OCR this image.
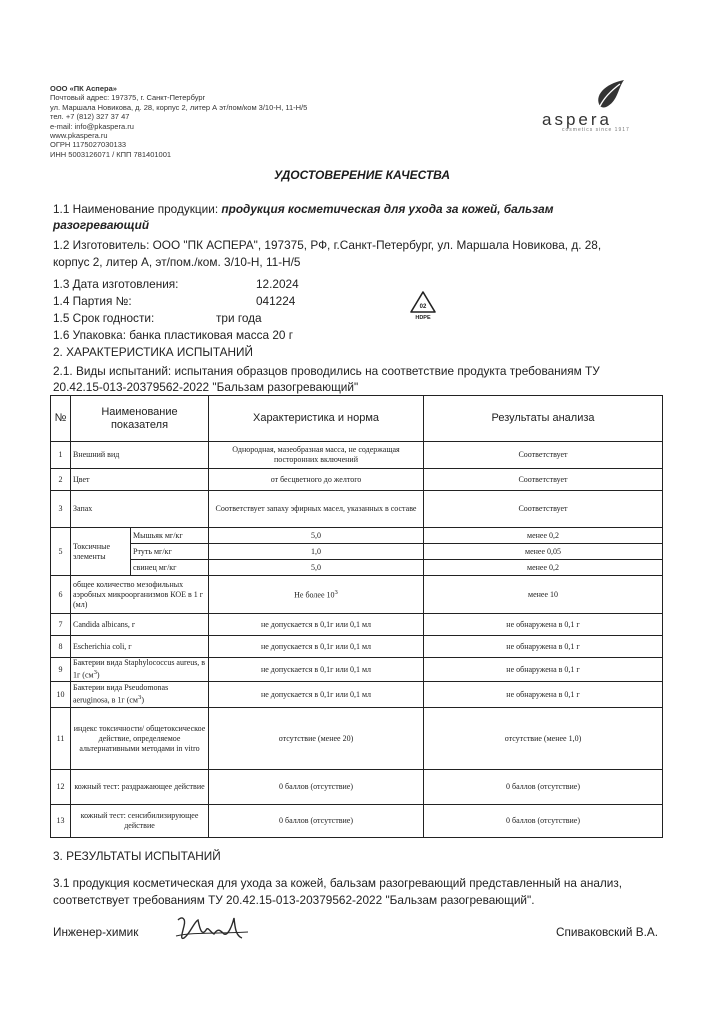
ООО «ПК Аспера»
Почтовый адрес: 197375, г. Санкт-Петербург
ул. Маршала Новикова, д. 28, корпус 2, литер А эт/пом/ком 3/10-Н, 11-Н/5
тел. +7 (812) 327 37 47
e-mail: info@pkaspera.ru
www.pkaspera.ru
ОГРН 1175027030133
ИНН 5003126071 / КПП 781401001
aspera
cosmetics since 1917
УДОСТОВЕРЕНИЕ КАЧЕСТВА
1.1 Наименование продукции: продукция косметическая для ухода за кожей, бальзам
разогревающий
1.2 Изготовитель: ООО "ПК АСПЕРА", 197375, РФ, г.Санкт-Петербург, ул. Маршала Новикова, д. 28,
корпус 2, литер А, эт/пом./ком. 3/10-Н, 11-Н/5
1.3 Дата изготовления:	12.2024
1.4 Партия №:	041224
1.5 Срок годности:	три года
1.6 Упаковка: банка пластиковая масса 20 г
02
HDPE
2. ХАРАКТЕРИСТИКА ИСПЫТАНИЙ
2.1. Виды испытаний: испытания образцов проводились на соответствие продукта требованиям ТУ
20.42.15-013-20379562-2022 "Бальзам разогревающий"
№	Наименование показателя		Характеристика и норма	Результаты анализа
1	Внешний вид		Однородная, мазеобразная масса, не содержащая посторонних включений	Соответствует
2	Цвет		от бесцветного до желтого	Соответствует
3	Запах		Соответствует запаху эфирных масел, указанных в составе	Соответствует
5	Токсичные элементы	Мышьяк мг/кг	5,0	менее 0,2
		Ртуть мг/кг	1,0	менее 0,05
		свинец мг/кг	5,0	менее 0,2
6	общее количество мезофильных аэробных микроорганизмов КОЕ в 1 г (мл)		Не более $10^3$	менее 10
7	Candida albicans, г		не допускается в 0,1г или 0,1 мл	не обнаружена в 0,1 г
8	Escherichia coli, г		не допускается в 0,1г или 0,1 мл	не обнаружена в 0,1 г
9	Бактерии вида Staphylococcus aureus, в 1г $(см^3)$		не допускается в 0,1г или 0,1 мл	не обнаружена в 0,1 г
10	Бактерии вида Pseudomonas aeruginosa, в 1г $(см^3)$		не допускается в 0,1г или 0,1 мл	не обнаружена в 0,1 г
11	индекс токсичности/ общетоксическое действие, определяемое альтернативными методами in vitro		отсутствие (менее 20)	отсутствие (менее 1,0)
12	кожный тест: раздражающее действие		0 баллов (отсутствие)	0 баллов (отсутствие)
13	кожный тест: сенсибилизирующее действие		0 баллов (отсутствие)	0 баллов (отсутствие)
3. РЕЗУЛЬТАТЫ ИСПЫТАНИЙ
3.1 продукция косметическая для ухода за кожей, бальзам разогревающий представленный на анализ,
соответствует требованиям ТУ 20.42.15-013-20379562-2022 "Бальзам разогревающий".
Инженер-химик	Спиваковский В.А.
